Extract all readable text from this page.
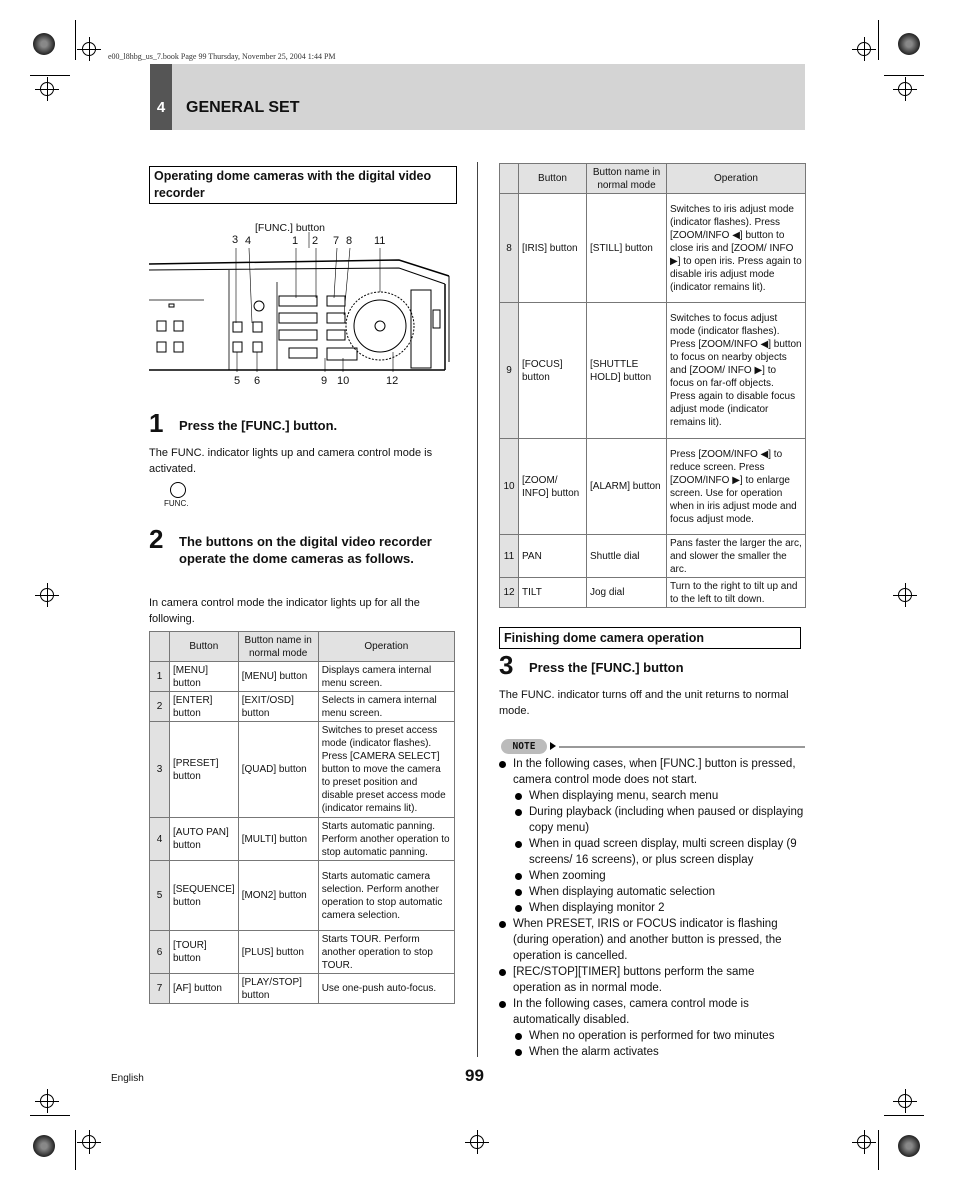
e00_l8hbg_us_7.book Page 99 Thursday, November 25, 2004 1:44 PM
4	GENERAL SET
Operating dome cameras with the digital video recorder
[FUNC.] button
3 4	1 2 7 8 11
5 6	9 10	12
1 Press the [FUNC.] button.
The FUNC. indicator lights up and camera control mode is activated.
FUNC.
2 The buttons on the digital video recorder operate the dome cameras as follows.
In camera control mode the indicator lights up for all the following.
	Button	Button name in normal mode	Operation
1	[MENU] button	[MENU] button	Displays camera internal menu screen.
2	[ENTER] button	[EXIT/OSD] button	Selects in camera internal menu screen.
3	[PRESET] button	[QUAD] button	Switches to preset access mode (indicator flashes). Press [CAMERA SELECT] button to move the camera to preset position and disable preset access mode (indicator remains lit).
4	[AUTO PAN] button	[MULTI] button	Starts automatic panning. Perform another operation to stop automatic panning.
5	[SEQUENCE] button	[MON2] button	Starts automatic camera selection. Perform another operation to stop automatic camera selection.
6	[TOUR] button	[PLUS] button	Starts TOUR. Perform another operation to stop TOUR.
7	[AF] button	[PLAY/STOP] button	Use one-push auto-focus.
	Button	Button name in normal mode	Operation
8	[IRIS] button	[STILL] button	Switches to iris adjust mode (indicator flashes). Press [ZOOM/INFO ◀] button to close iris and [ZOOM/ INFO ▶] to open iris. Press again to disable iris adjust mode (indicator remains lit).
9	[FOCUS] button	[SHUTTLE HOLD] button	Switches to focus adjust mode (indicator flashes). Press [ZOOM/INFO ◀] button to focus on nearby objects and [ZOOM/ INFO ▶] to focus on far-off objects. Press again to disable focus adjust mode (indicator remains lit).
10	[ZOOM/ INFO] button	[ALARM] button	Press [ZOOM/INFO ◀] to reduce screen. Press [ZOOM/INFO ▶] to enlarge screen. Use for operation when in iris adjust mode and focus adjust mode.
11	PAN	Shuttle dial	Pans faster the larger the arc, and slower the smaller the arc.
12	TILT	Jog dial	Turn to the right to tilt up and to the left to tilt down.
Finishing dome camera operation
3 Press the [FUNC.] button
The FUNC. indicator turns off and the unit returns to normal mode.
NOTE
In the following cases, when [FUNC.] button is pressed, camera control mode does not start.
When displaying menu, search menu
During playback (including when paused or displaying copy menu)
When in quad screen display, multi screen display (9 screens/ 16 screens), or plus screen display
When zooming
When displaying automatic selection
When displaying monitor 2
When PRESET, IRIS or FOCUS indicator is flashing (during operation) and another button is pressed, the operation is cancelled.
[REC/STOP][TIMER] buttons perform the same operation as in normal mode.
In the following cases, camera control mode is automatically disabled.
When no operation is performed for two minutes
When the alarm activates
English	99
